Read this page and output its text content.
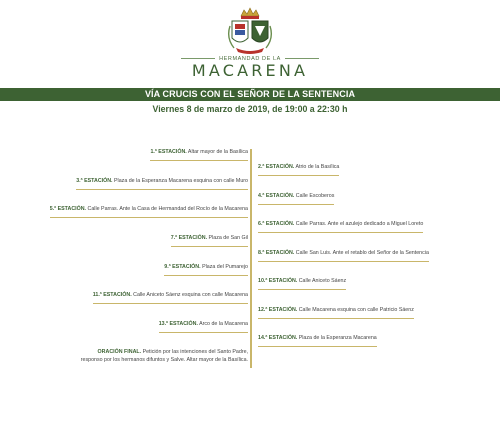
HERMANDAD DE LA
MACARENA
VÍA CRUCIS CON EL SEÑOR DE LA SENTENCIA
Viernes 8 de marzo de 2019, de 19:00 a 22:30 h
1.ª ESTACIÓN. Altar mayor de la Basílica
3.ª ESTACIÓN. Plaza de la Esperanza Macarena esquina con calle Muro
5.ª ESTACIÓN. Calle Parras. Ante la Casa de Hermandad del Rocío de la Macarena
7.ª ESTACIÓN. Plaza de San Gil
9.ª ESTACIÓN. Plaza del Pumarejo
11.ª ESTACIÓN. Calle Aniceto Sáenz esquina con calle Macarena
13.ª ESTACIÓN. Arco de la Macarena
ORACIÓN FINAL. Petición por las intenciones del Santo Padre,
responso por los hermanos difuntos y Salve. Altar mayor de la Basílica.
2.ª ESTACIÓN. Atrio de la Basílica
4.ª ESTACIÓN. Calle Escoberos
6.ª ESTACIÓN. Calle Parras. Ante el azulejo dedicado a Miguel Loreto
8.ª ESTACIÓN. Calle San Luis. Ante el retablo del Señor de la Sentencia
10.ª ESTACIÓN. Calle Aniceto Sáenz
12.ª ESTACIÓN. Calle Macarena esquina con calle Patricio Sáenz
14.ª ESTACIÓN. Plaza de la Esperanza Macarena
